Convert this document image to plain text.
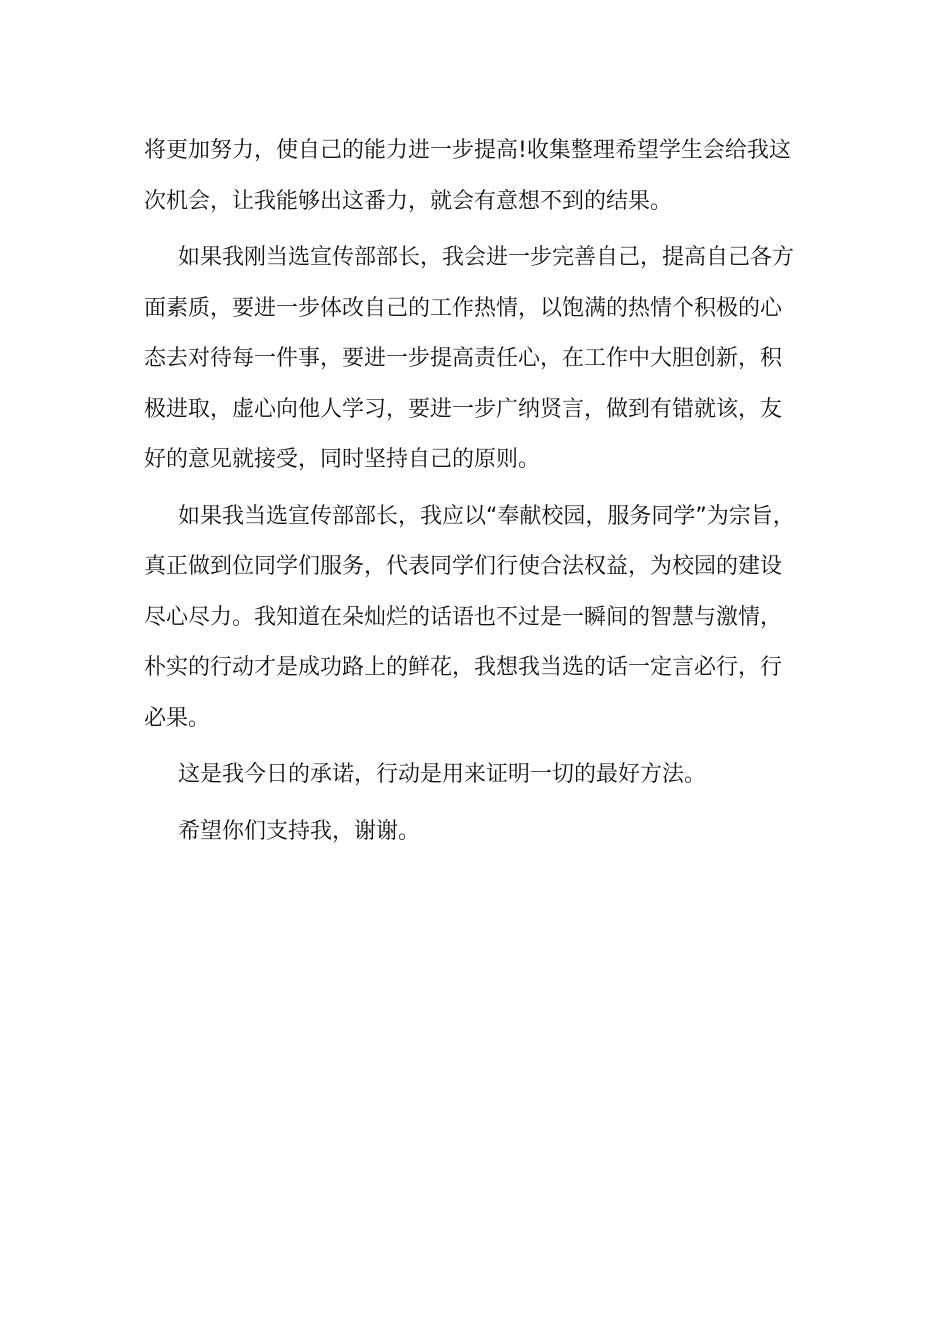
将更加努力，使自己的能力进一步提高!收集整理希望学生会给我这
次机会，让我能够出这番力，就会有意想不到的结果。

如果我刚当选宣传部部长，我会进一步完善自己，提高自己各方
面素质，要进一步体改自己的工作热情，以饱满的热情个积极的心
态去对待每一件事，要进一步提高责任心，在工作中大胆创新，积
极进取，虚心向他人学习，要进一步广纳贤言，做到有错就该，友
好的意见就接受，同时坚持自己的原则。

如果我当选宣传部部长，我应以“奉献校园，服务同学”为宗旨，
真正做到位同学们服务，代表同学们行使合法权益，为校园的建设
尽心尽力。我知道在朵灿烂的话语也不过是一瞬间的智慧与激情，
朴实的行动才是成功路上的鲜花，我想我当选的话一定言必行，行
必果。

这是我今日的承诺，行动是用来证明一切的最好方法。

希望你们支持我，谢谢。
